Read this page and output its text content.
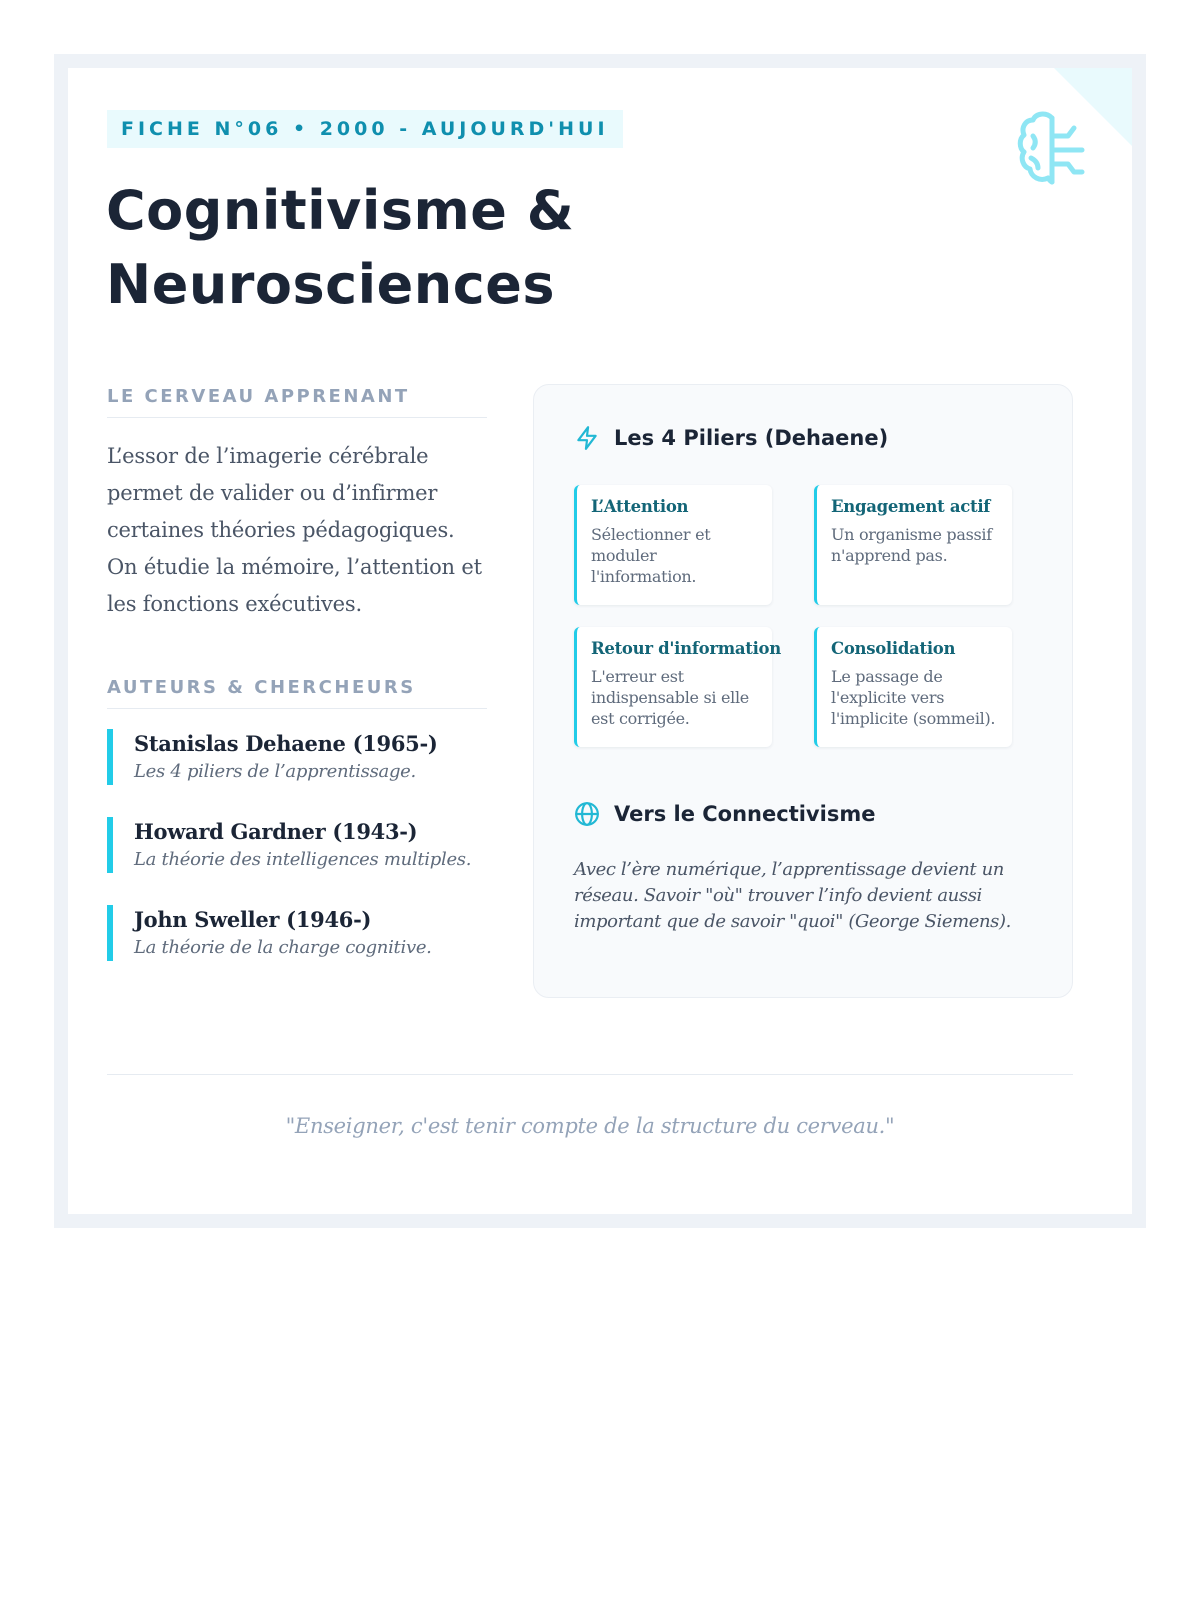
FICHE N°06 • 2000 - AUJOURD'HUI
Cognitivisme &
Neurosciences
LE CERVEAU APPRENANT

L’essor de l’imagerie cérébrale permet de valider ou d’infirmer certaines théories pédagogiques. On étudie la mémoire, l’attention et les fonctions exécutives.

AUTEURS & CHERCHEURS
Stanislas Dehaene (1965-)
Les 4 piliers de l’apprentissage.
Howard Gardner (1943-)
La théorie des intelligences multiples.
John Sweller (1946-)
La théorie de la charge cognitive.
Les 4 Piliers (Dehaene)
L’Attention
Sélectionner et moduler l'information.
Engagement actif
Un organisme passif n'apprend pas.
Retour d'information
L'erreur est indispensable si elle est corrigée.
Consolidation
Le passage de l'explicite vers l'implicite (sommeil).
Vers le Connectivisme
Avec l’ère numérique, l’apprentissage devient un réseau. Savoir "où" trouver l’info devient aussi important que de savoir "quoi" (George Siemens).
"Enseigner, c'est tenir compte de la structure du cerveau."
